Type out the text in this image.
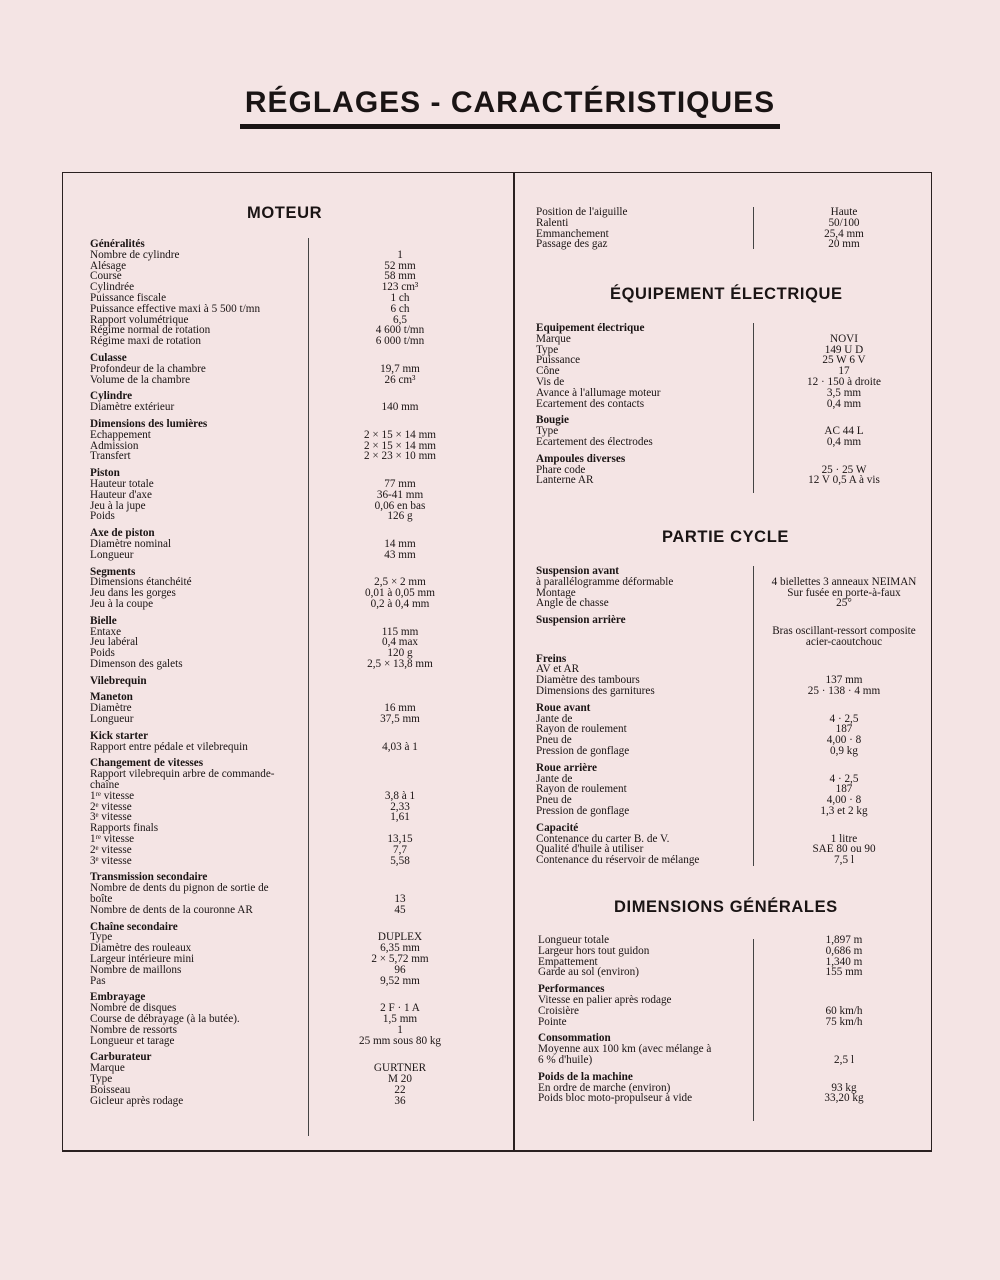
RÉGLAGES - CARACTÉRISTIQUES
MOTEUR
ÉQUIPEMENT ÉLECTRIQUE
PARTIE CYCLE
DIMENSIONS GÉNÉRALES
Généralités
Nombre de cylindre	1
Alésage	52 mm
Course	58 mm
Cylindrée	123 cm³
Puissance fiscale	1 ch
Puissance effective maxi à 5 500 t/mn	6 ch
Rapport volumétrique	6,5
Régime normal de rotation	4 600 t/mn
Régime maxi de rotation	6 000 t/mn
Culasse
Profondeur de la chambre	19,7 mm
Volume de la chambre	26 cm³
Cylindre
Diamètre extérieur	140 mm
Dimensions des lumières
Echappement	2 × 15 × 14 mm
Admission	2 × 15 × 14 mm
Transfert	2 × 23 × 10 mm
Piston
Hauteur totale	77 mm
Hauteur d'axe	36-41 mm
Jeu à la jupe	0,06 en bas
Poids	126 g
Axe de piston
Diamètre nominal	14 mm
Longueur	43 mm
Segments
Dimensions étanchéité	2,5 × 2 mm
Jeu dans les gorges	0,01 à 0,05 mm
Jeu à la coupe	0,2 à 0,4 mm
Bielle
Entaxe	115 mm
Jeu labéral	0,4 max
Poids	120 g
Dimenson des galets	2,5 × 13,8 mm
Vilebrequin
Maneton
Diamètre	16 mm
Longueur	37,5 mm
Kick starter
Rapport entre pédale et vilebrequin	4,03 à 1
Changement de vitesses
Rapport vilebrequin arbre de commande-
chaîne
1ʳᵉ vitesse	3,8 à 1
2ᵉ vitesse	2,33
3ᵉ vitesse	1,61
Rapports finals
1ʳᵉ vitesse	13,15
2ᵉ vitesse	7,7
3ᵉ vitesse	5,58
Transmission secondaire
Nombre de dents du pignon de sortie de
boîte	13
Nombre de dents de la couronne AR	45
Chaîne secondaire
Type	DUPLEX
Diamètre des rouleaux	6,35 mm
Largeur intérieure mini	2 × 5,72 mm
Nombre de maillons	96
Pas	9,52 mm
Embrayage
Nombre de disques	2 F · 1 A
Course de débrayage (à la butée).	1,5 mm
Nombre de ressorts	1
Longueur et tarage	25 mm sous 80 kg
Carburateur
Marque	GURTNER
Type	M 20
Boisseau	22
Gicleur après rodage	36
Position de l'aiguille	Haute
Ralenti	50/100
Emmanchement	25,4 mm
Passage des gaz	20 mm
Equipement électrique
Marque	NOVI
Type	149 U D
Puissance	25 W 6 V
Cône	17
Vis de	12 · 150 à droite
Avance à l'allumage moteur	3,5 mm
Ecartement des contacts	0,4 mm
Bougie
Type	AC 44 L
Ecartement des électrodes	0,4 mm
Ampoules diverses
Phare code	25 · 25 W
Lanterne AR	12 V 0,5 A à vis
Suspension avant
à parallélogramme déformable	4 biellettes 3 anneaux NEIMAN
Montage	Sur fusée en porte-à-faux
Angle de chasse	25°
Suspension arrière

Bras oscillant-ressort composite

acier-caoutchouc
Freins
AV et AR
Diamètre des tambours	137 mm
Dimensions des garnitures	25 · 138 · 4 mm
Roue avant
Jante de	4 · 2,5
Rayon de roulement	187
Pneu de	4,00 · 8
Pression de gonflage	0,9 kg
Roue arrière
Jante de	4 · 2,5
Rayon de roulement	187
Pneu de	4,00 · 8
Pression de gonflage	1,3 et 2 kg
Capacité
Contenance du carter B. de V.	1 litre
Qualité d'huile à utiliser	SAE 80 ou 90
Contenance du réservoir de mélange	7,5 l
Longueur totale	1,897 m
Largeur hors tout guidon	0,686 m
Empattement	1,340 m
Garde au sol (environ)	155 mm
Performances
Vitesse en palier après rodage
Croisière	60 km/h
Pointe	75 km/h
Consommation
Moyenne aux 100 km (avec mélange à
6 % d'huile)	2,5 l
Poids de la machine
En ordre de marche (environ)	93 kg
Poids bloc moto-propulseur à vide	33,20 kg
